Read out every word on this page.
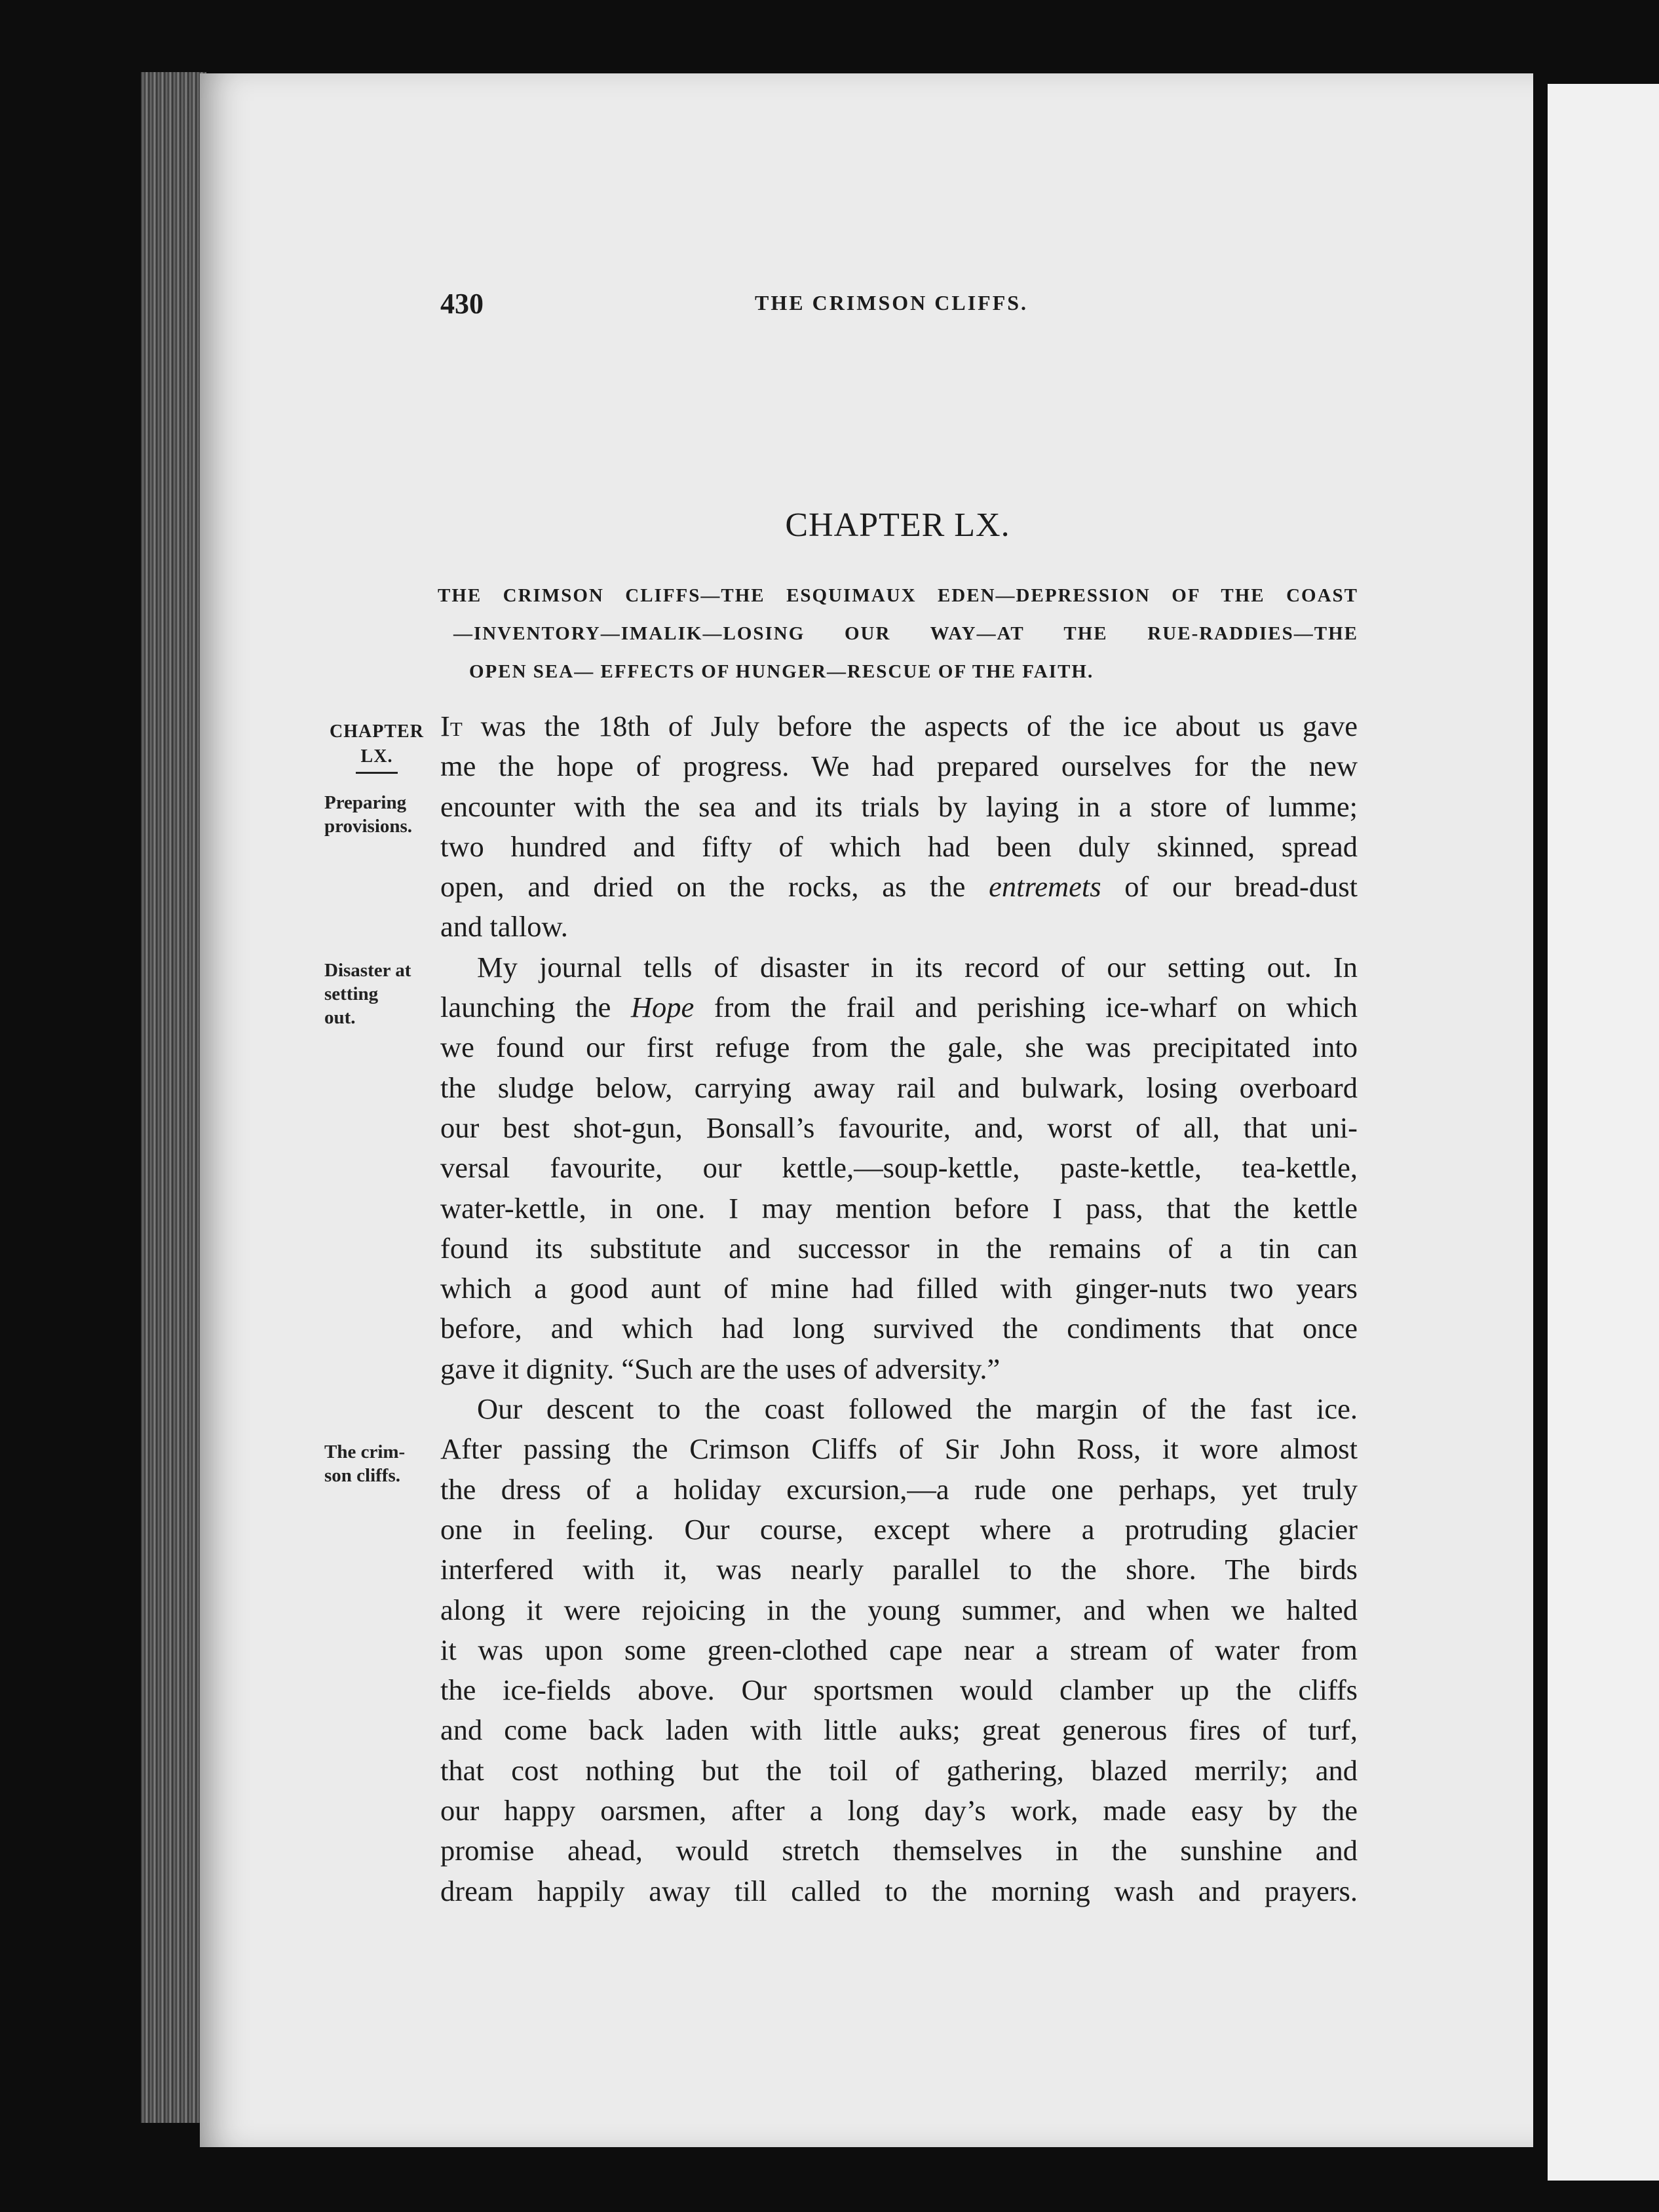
430	THE CRIMSON CLIFFS.
CHAPTER LX.
THE CRIMSON CLIFFS—THE ESQUIMAUX EDEN—DEPRESSION OF THE COAST
—INVENTORY—IMALIK—LOSING OUR WAY—AT THE RUE-RADDIES—THE
OPEN SEA— EFFECTS OF HUNGER—RESCUE OF THE FAITH.
CHAPTER
LX.
Preparing
provisions.
Disaster at
setting
out.
The crim-
son cliffs.
It was the 18th of July before the aspects of the ice about us gave
me the hope of progress. We had prepared ourselves for the new
encounter with the sea and its trials by laying in a store of lumme;
two hundred and fifty of which had been duly skinned, spread
open, and dried on the rocks, as the entremets of our bread-dust
and tallow.
My journal tells of disaster in its record of our setting out. In
launching the Hope from the frail and perishing ice-wharf on which
we found our first refuge from the gale, she was precipitated into
the sludge below, carrying away rail and bulwark, losing overboard
our best shot-gun, Bonsall’s favourite, and, worst of all, that uni-
versal favourite, our kettle,—soup-kettle, paste-kettle, tea-kettle,
water-kettle, in one. I may mention before I pass, that the kettle
found its substitute and successor in the remains of a tin can
which a good aunt of mine had filled with ginger-nuts two years
before, and which had long survived the condiments that once
gave it dignity. “Such are the uses of adversity.”
Our descent to the coast followed the margin of the fast ice.
After passing the Crimson Cliffs of Sir John Ross, it wore almost
the dress of a holiday excursion,—a rude one perhaps, yet truly
one in feeling. Our course, except where a protruding glacier
interfered with it, was nearly parallel to the shore. The birds
along it were rejoicing in the young summer, and when we halted
it was upon some green-clothed cape near a stream of water from
the ice-fields above. Our sportsmen would clamber up the cliffs
and come back laden with little auks; great generous fires of turf,
that cost nothing but the toil of gathering, blazed merrily; and
our happy oarsmen, after a long day’s work, made easy by the
promise ahead, would stretch themselves in the sunshine and
dream happily away till called to the morning wash and prayers.
